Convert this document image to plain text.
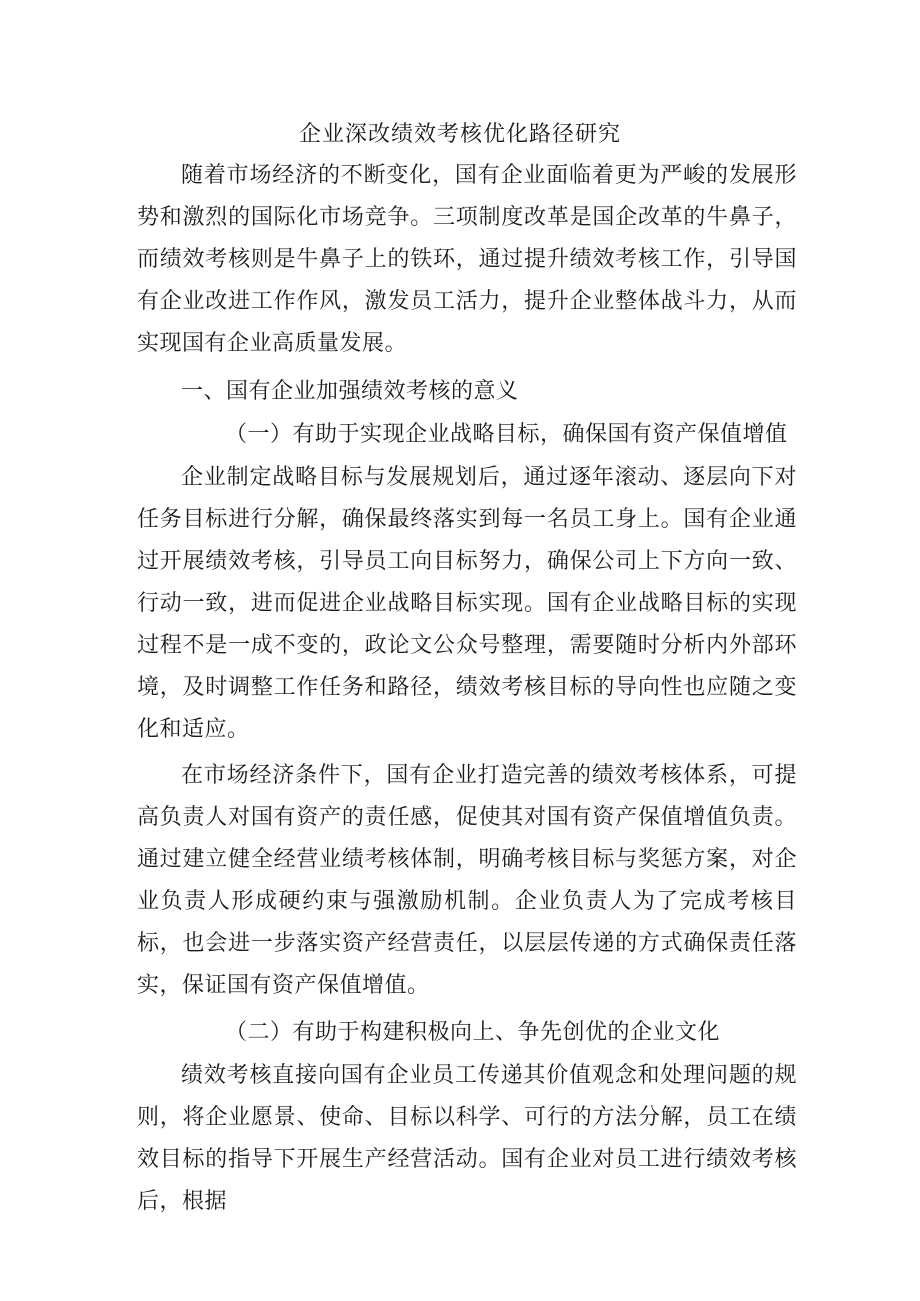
企业深改绩效考核优化路径研究

随着市场经济的不断变化，国有企业面临着更为严峻的发展形势和激烈的国际化市场竞争。三项制度改革是国企改革的牛鼻子，而绩效考核则是牛鼻子上的铁环，通过提升绩效考核工作，引导国有企业改进工作作风，激发员工活力，提升企业整体战斗力，从而实现国有企业高质量发展。

一、国有企业加强绩效考核的意义

（一）有助于实现企业战略目标，确保国有资产保值增值

企业制定战略目标与发展规划后，通过逐年滚动、逐层向下对任务目标进行分解，确保最终落实到每一名员工身上。国有企业通过开展绩效考核，引导员工向目标努力，确保公司上下方向一致、行动一致，进而促进企业战略目标实现。国有企业战略目标的实现过程不是一成不变的，政论文公众号整理，需要随时分析内外部环境，及时调整工作任务和路径，绩效考核目标的导向性也应随之变化和适应。

在市场经济条件下，国有企业打造完善的绩效考核体系，可提高负责人对国有资产的责任感，促使其对国有资产保值增值负责。通过建立健全经营业绩考核体制，明确考核目标与奖惩方案，对企业负责人形成硬约束与强激励机制。企业负责人为了完成考核目标，也会进一步落实资产经营责任，以层层传递的方式确保责任落实，保证国有资产保值增值。

（二）有助于构建积极向上、争先创优的企业文化

绩效考核直接向国有企业员工传递其价值观念和处理问题的规则，将企业愿景、使命、目标以科学、可行的方法分解，员工在绩效目标的指导下开展生产经营活动。国有企业对员工进行绩效考核后，根据
